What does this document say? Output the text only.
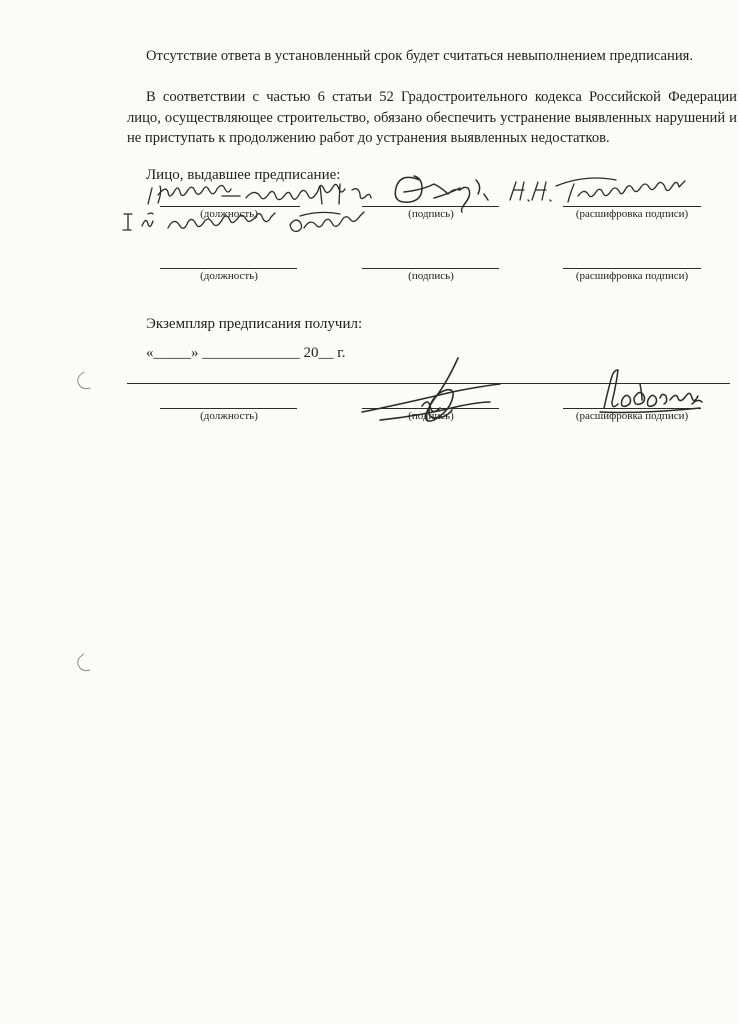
Отсутствие ответа в установленный срок будет считаться невыполнением предписания.

В соответствии с частью 6 статьи 52 Градостроительного кодекса Российской Федерации лицо, осуществляющее строительство, обязано обеспечить устранение выявленных нарушений и не приступать к продолжению работ до устранения выявленных недостатков.

Лицо, выдавшее предписание:

(должность)	(подпись)	(расшифровка подписи)
(должность)	(подпись)	(расшифровка подписи)

Экземпляр предписания получил:

«_____» _____________ 20__ г.

(должность)	(подпись)	(расшифровка подписи)
